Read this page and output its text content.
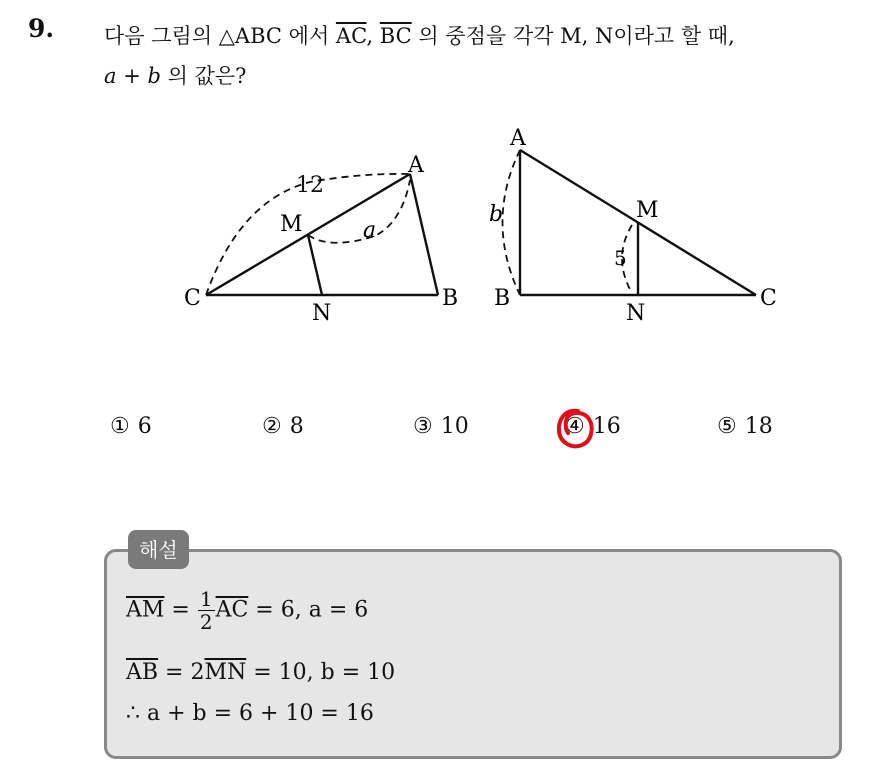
9. 다음 그림의 △ABC 에서 $\overline{AC}$, $\overline{BC}$ 의 중점을 각각 M, N이라고 할 때,
a + b 의 값은?
A
B
C
M
N
12
a
A
B	C
M
N
5
b
① 6	② 8	③ 10	④ 16	⑤ 18
해설
$\overline{AM} = \frac{1}{2} \overline{AC} = 6$, a = 6
$\overline{AB} = 2\overline{MN} = 10$, b = 10
∴ a + b = 6 + 10 = 16
